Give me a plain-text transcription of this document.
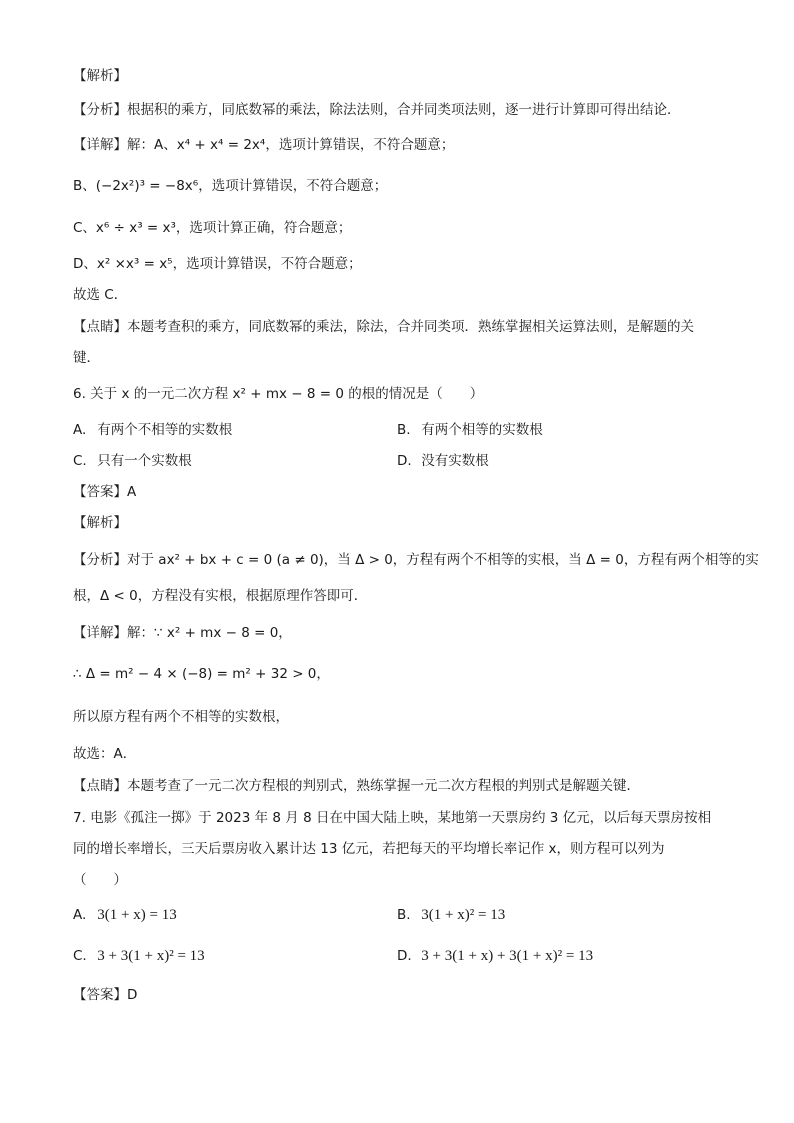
【解析】
【分析】根据积的乘方，同底数幂的乘法，除法法则，合并同类项法则，逐一进行计算即可得出结论．
【详解】解：A、x⁴ + x⁴ = 2x⁴，选项计算错误，不符合题意；
B、(−2x²)³ = −8x⁶，选项计算错误，不符合题意；
C、x⁶ ÷ x³ = x³，选项计算正确，符合题意；
D、x² ×x³ = x⁵，选项计算错误，不符合题意；
故选 C．
【点睛】本题考查积的乘方，同底数幂的乘法，除法，合并同类项．熟练掌握相关运算法则，是解题的关
键．
6. 关于 x 的一元二次方程 x² + mx − 8 = 0 的根的情况是（　　）
A. 有两个不相等的实数根	B. 有两个相等的实数根
C. 只有一个实数根	D. 没有实数根
【答案】A
【解析】
【分析】对于 ax² + bx + c = 0 (a ≠ 0)，当 Δ > 0，方程有两个不相等的实根，当 Δ = 0，方程有两个相等的实
根，Δ < 0，方程没有实根，根据原理作答即可．
【详解】解：∵ x² + mx − 8 = 0，
∴ Δ = m² − 4 × (−8) = m² + 32 > 0，
所以原方程有两个不相等的实数根，
故选：A．
【点睛】本题考查了一元二次方程根的判别式，熟练掌握一元二次方程根的判别式是解题关键．
7. 电影《孤注一掷》于 2023 年 8 月 8 日在中国大陆上映，某地第一天票房约 3 亿元，以后每天票房按相
同的增长率增长，三天后票房收入累计达 13 亿元，若把每天的平均增长率记作 x，则方程可以列为
（　　）
A. 3(1 + x) = 13	B. 3(1 + x)² = 13
C. 3 + 3(1 + x)² = 13	D. 3 + 3(1 + x) + 3(1 + x)² = 13
【答案】D
